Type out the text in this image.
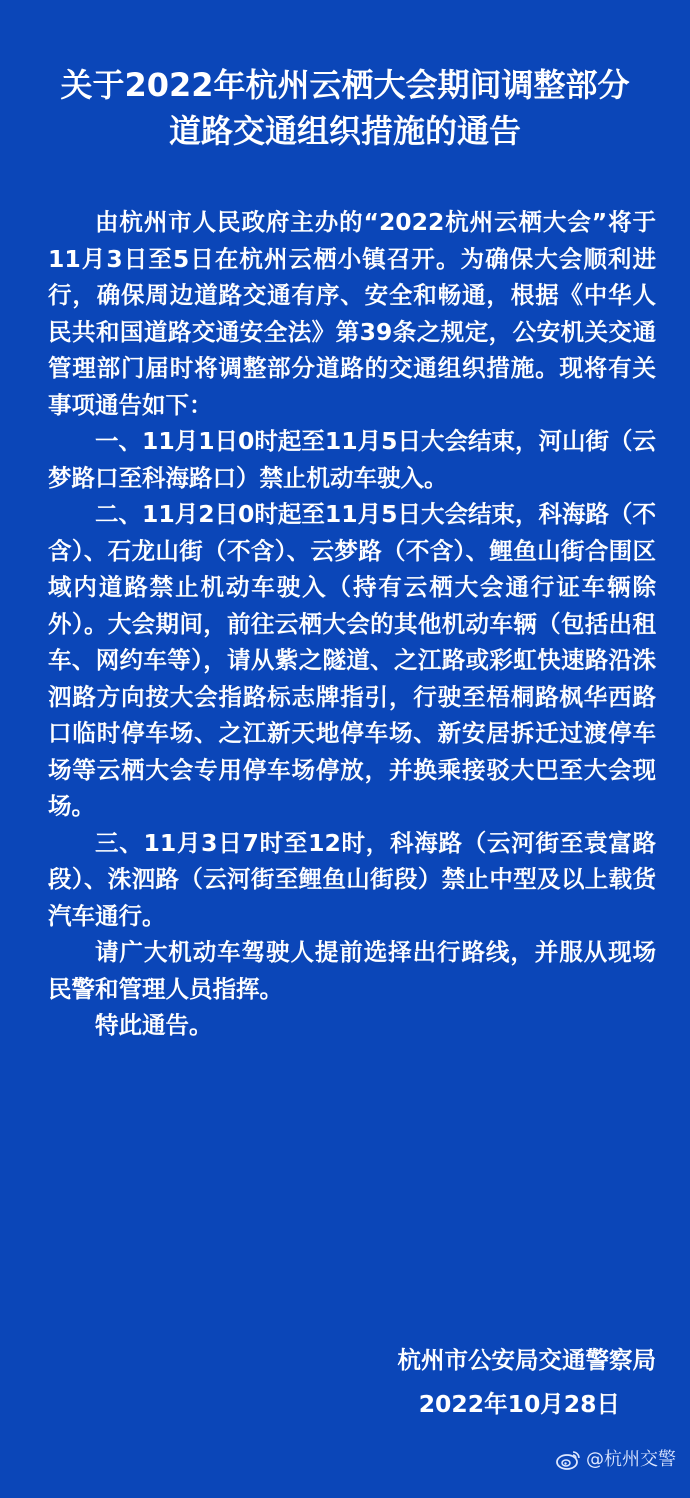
关于2022年杭州云栖大会期间调整部分
道路交通组织措施的通告

由杭州市人民政府主办的“2022杭州云栖大会”将于11月3日至5日在杭州云栖小镇召开。为确保大会顺利进行，确保周边道路交通有序、安全和畅通，根据《中华人民共和国道路交通安全法》第39条之规定，公安机关交通管理部门届时将调整部分道路的交通组织措施。现将有关事项通告如下：

一、11月1日0时起至11月5日大会结束，河山街（云梦路口至科海路口）禁止机动车驶入。

二、11月2日0时起至11月5日大会结束，科海路（不含）、石龙山街（不含）、云梦路（不含）、鲤鱼山街合围区域内道路禁止机动车驶入（持有云栖大会通行证车辆除外）。大会期间，前往云栖大会的其他机动车辆（包括出租车、网约车等），请从紫之隧道、之江路或彩虹快速路沿洙泗路方向按大会指路标志牌指引，行驶至梧桐路枫华西路口临时停车场、之江新天地停车场、新安居拆迁过渡停车场等云栖大会专用停车场停放，并换乘接驳大巴至大会现场。

三、11月3日7时至12时，科海路（云河街至袁富路段）、洙泗路（云河街至鲤鱼山街段）禁止中型及以上载货汽车通行。

请广大机动车驾驶人提前选择出行路线，并服从现场民警和管理人员指挥。

特此通告。

杭州市公安局交通警察局
2022年10月28日
@杭州交警
